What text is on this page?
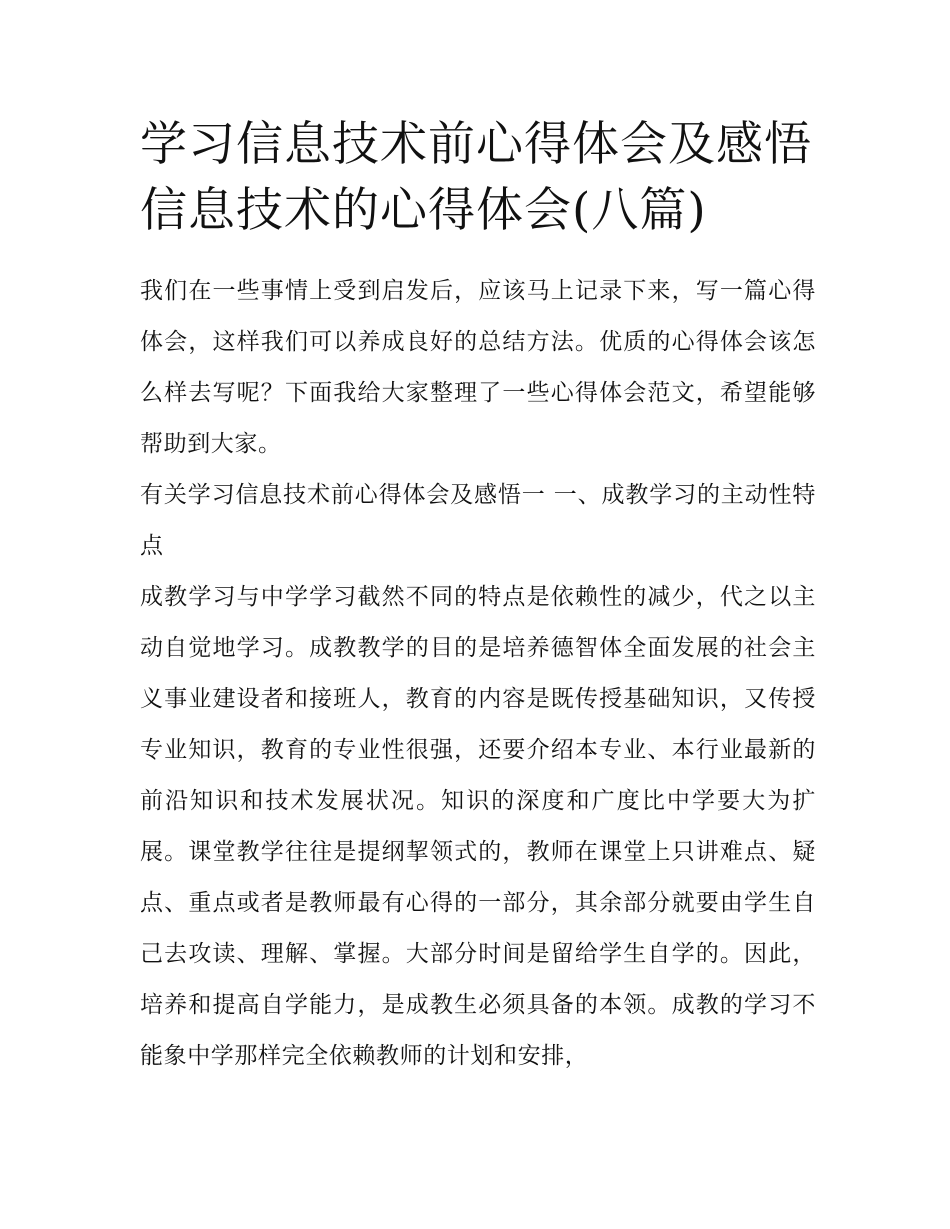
学习信息技术前心得体会及感悟 信息技术的心得体会(八篇)

我们在一些事情上受到启发后，应该马上记录下来，写一篇心得体会，这样我们可以养成良好的总结方法。优质的心得体会该怎么样去写呢？下面我给大家整理了一些心得体会范文，希望能够帮助到大家。

有关学习信息技术前心得体会及感悟一 一、成教学习的主动性特点

成教学习与中学学习截然不同的特点是依赖性的减少，代之以主动自觉地学习。成教教学的目的是培养德智体全面发展的社会主义事业建设者和接班人，教育的内容是既传授基础知识，又传授专业知识，教育的专业性很强，还要介绍本专业、本行业最新的前沿知识和技术发展状况。知识的深度和广度比中学要大为扩展。课堂教学往往是提纲挈领式的，教师在课堂上只讲难点、疑点、重点或者是教师最有心得的一部分，其余部分就要由学生自己去攻读、理解、掌握。大部分时间是留给学生自学的。因此，培养和提高自学能力，是成教生必须具备的本领。成教的学习不能象中学那样完全依赖教师的计划和安排，
